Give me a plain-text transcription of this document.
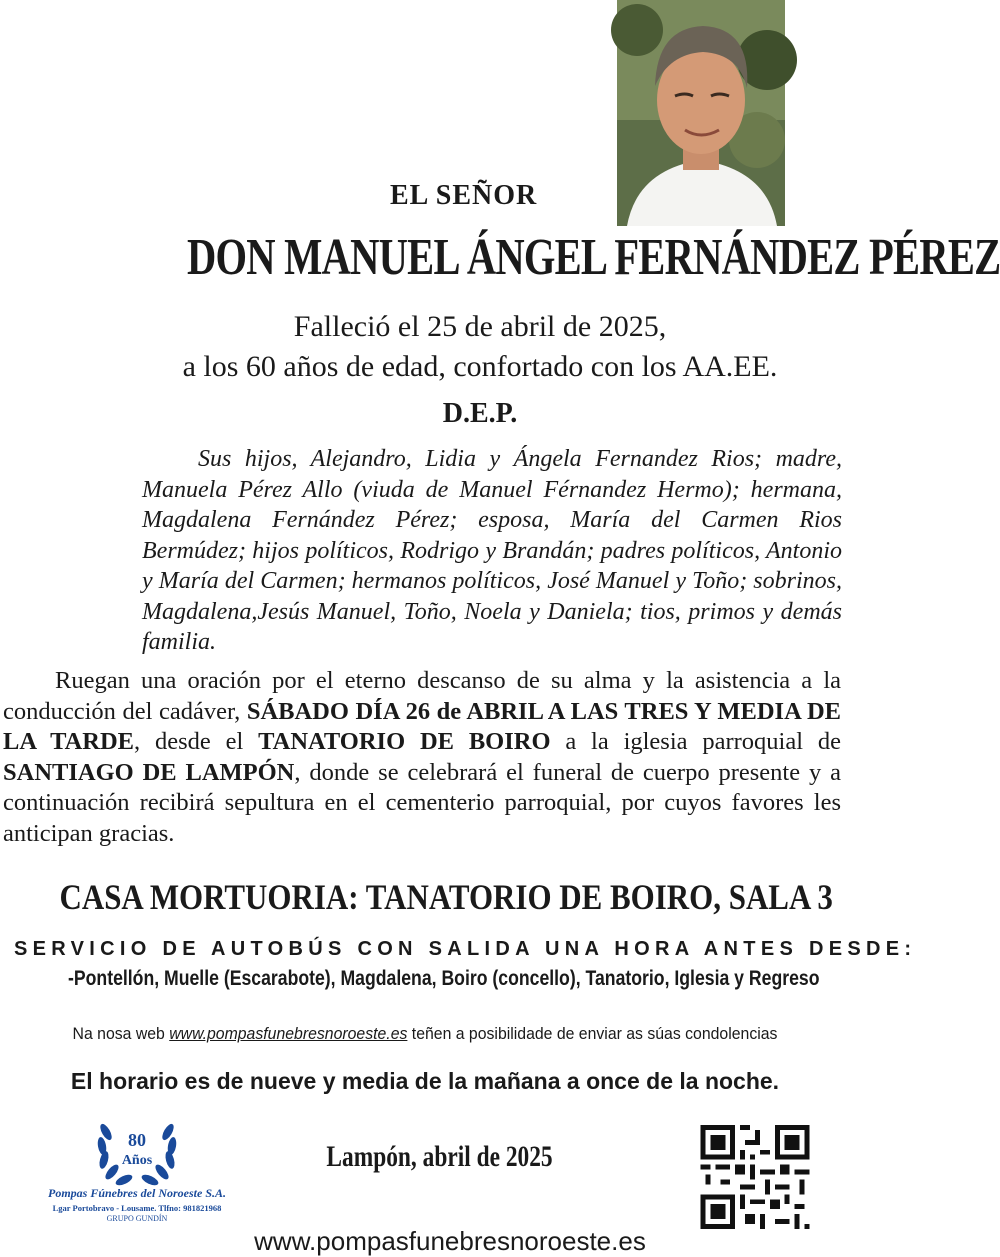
EL SEÑOR
DON MANUEL ÁNGEL FERNÁNDEZ PÉREZ
Falleció el 25 de abril de 2025,
a los 60 años de edad, confortado con los AA.EE.
D.E.P.
Sus hijos, Alejandro, Lidia y Ángela Fernandez Rios; madre, Manuela Pérez Allo (viuda de Manuel Férnandez Hermo); hermana, Magdalena Fernández Pérez; esposa, María del Carmen Rios Bermúdez; hijos políticos, Rodrigo y Brandán; padres políticos, Antonio y María del Carmen; hermanos políticos, José Manuel y Toño; sobrinos, Magdalena,Jesús Manuel, Toño, Noela y Daniela; tios, primos y demás familia.
Ruegan una oración por el eterno descanso de su alma y la asistencia a la conducción del cadáver, SÁBADO DÍA 26 de ABRIL A LAS TRES Y MEDIA DE LA TARDE, desde el TANATORIO DE BOIRO a la iglesia parroquial de SANTIAGO DE LAMPÓN, donde se celebrará el funeral de cuerpo presente y a continuación recibirá sepultura en el cementerio parroquial, por cuyos favores les anticipan gracias.
CASA MORTUORIA: TANATORIO DE BOIRO, SALA 3
SERVICIO DE AUTOBÚS CON SALIDA UNA HORA ANTES DESDE:
-Pontellón, Muelle (Escarabote), Magdalena, Boiro (concello), Tanatorio, Iglesia y Regreso
Na nosa web www.pompasfunebresnoroeste.es teñen a posibilidade de enviar as súas condolencias
El horario es de nueve y media de la mañana a once de la noche.
80
Años
Pompas Fúnebres del Noroeste S.A.
Lgar Portobravo - Lousame. Tlfno: 981821968
GRUPO GUNDÍN
Lampón, abril de 2025
www.pompasfunebresnoroeste.es
